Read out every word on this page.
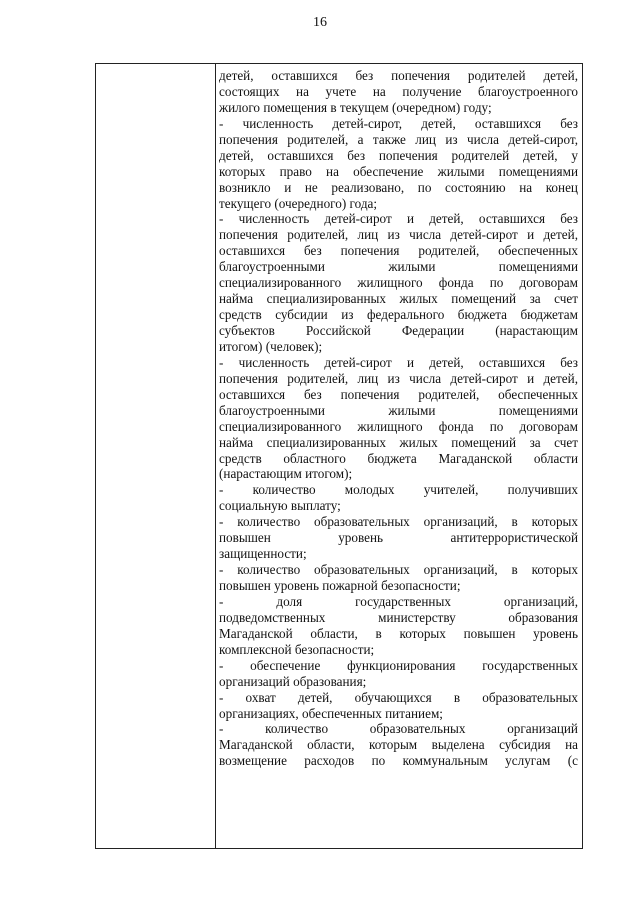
16
детей, оставшихся без попечения родителей детей,
состоящих на учете на получение благоустроенного
жилого помещения в текущем (очередном) году;
- численность детей-сирот, детей, оставшихся без
попечения родителей, а также лиц из числа детей-сирот,
детей, оставшихся без попечения родителей детей, у
которых право на обеспечение жилыми помещениями
возникло и не реализовано, по состоянию на конец
текущего (очередного) года;
- численность детей-сирот и детей, оставшихся без
попечения родителей, лиц из числа детей-сирот и детей,
оставшихся без попечения родителей, обеспеченных
благоустроенными жилыми помещениями
специализированного жилищного фонда по договорам
найма специализированных жилых помещений за счет
средств субсидии из федерального бюджета бюджетам
субъектов Российской Федерации (нарастающим
итогом) (человек);
- численность детей-сирот и детей, оставшихся без
попечения родителей, лиц из числа детей-сирот и детей,
оставшихся без попечения родителей, обеспеченных
благоустроенными жилыми помещениями
специализированного жилищного фонда по договорам
найма специализированных жилых помещений за счет
средств областного бюджета Магаданской области
(нарастающим итогом);
- количество молодых учителей, получивших
социальную выплату;
- количество образовательных организаций, в которых
повышен уровень антитеррористической
защищенности;
- количество образовательных организаций, в которых
повышен уровень пожарной безопасности;
- доля государственных организаций,
подведомственных министерству образования
Магаданской области, в которых повышен уровень
комплексной безопасности;
- обеспечение функционирования государственных
организаций образования;
- охват детей, обучающихся в образовательных
организациях, обеспеченных питанием;
- количество образовательных организаций
Магаданской области, которым выделена субсидия на
возмещение расходов по коммунальным услугам (с
